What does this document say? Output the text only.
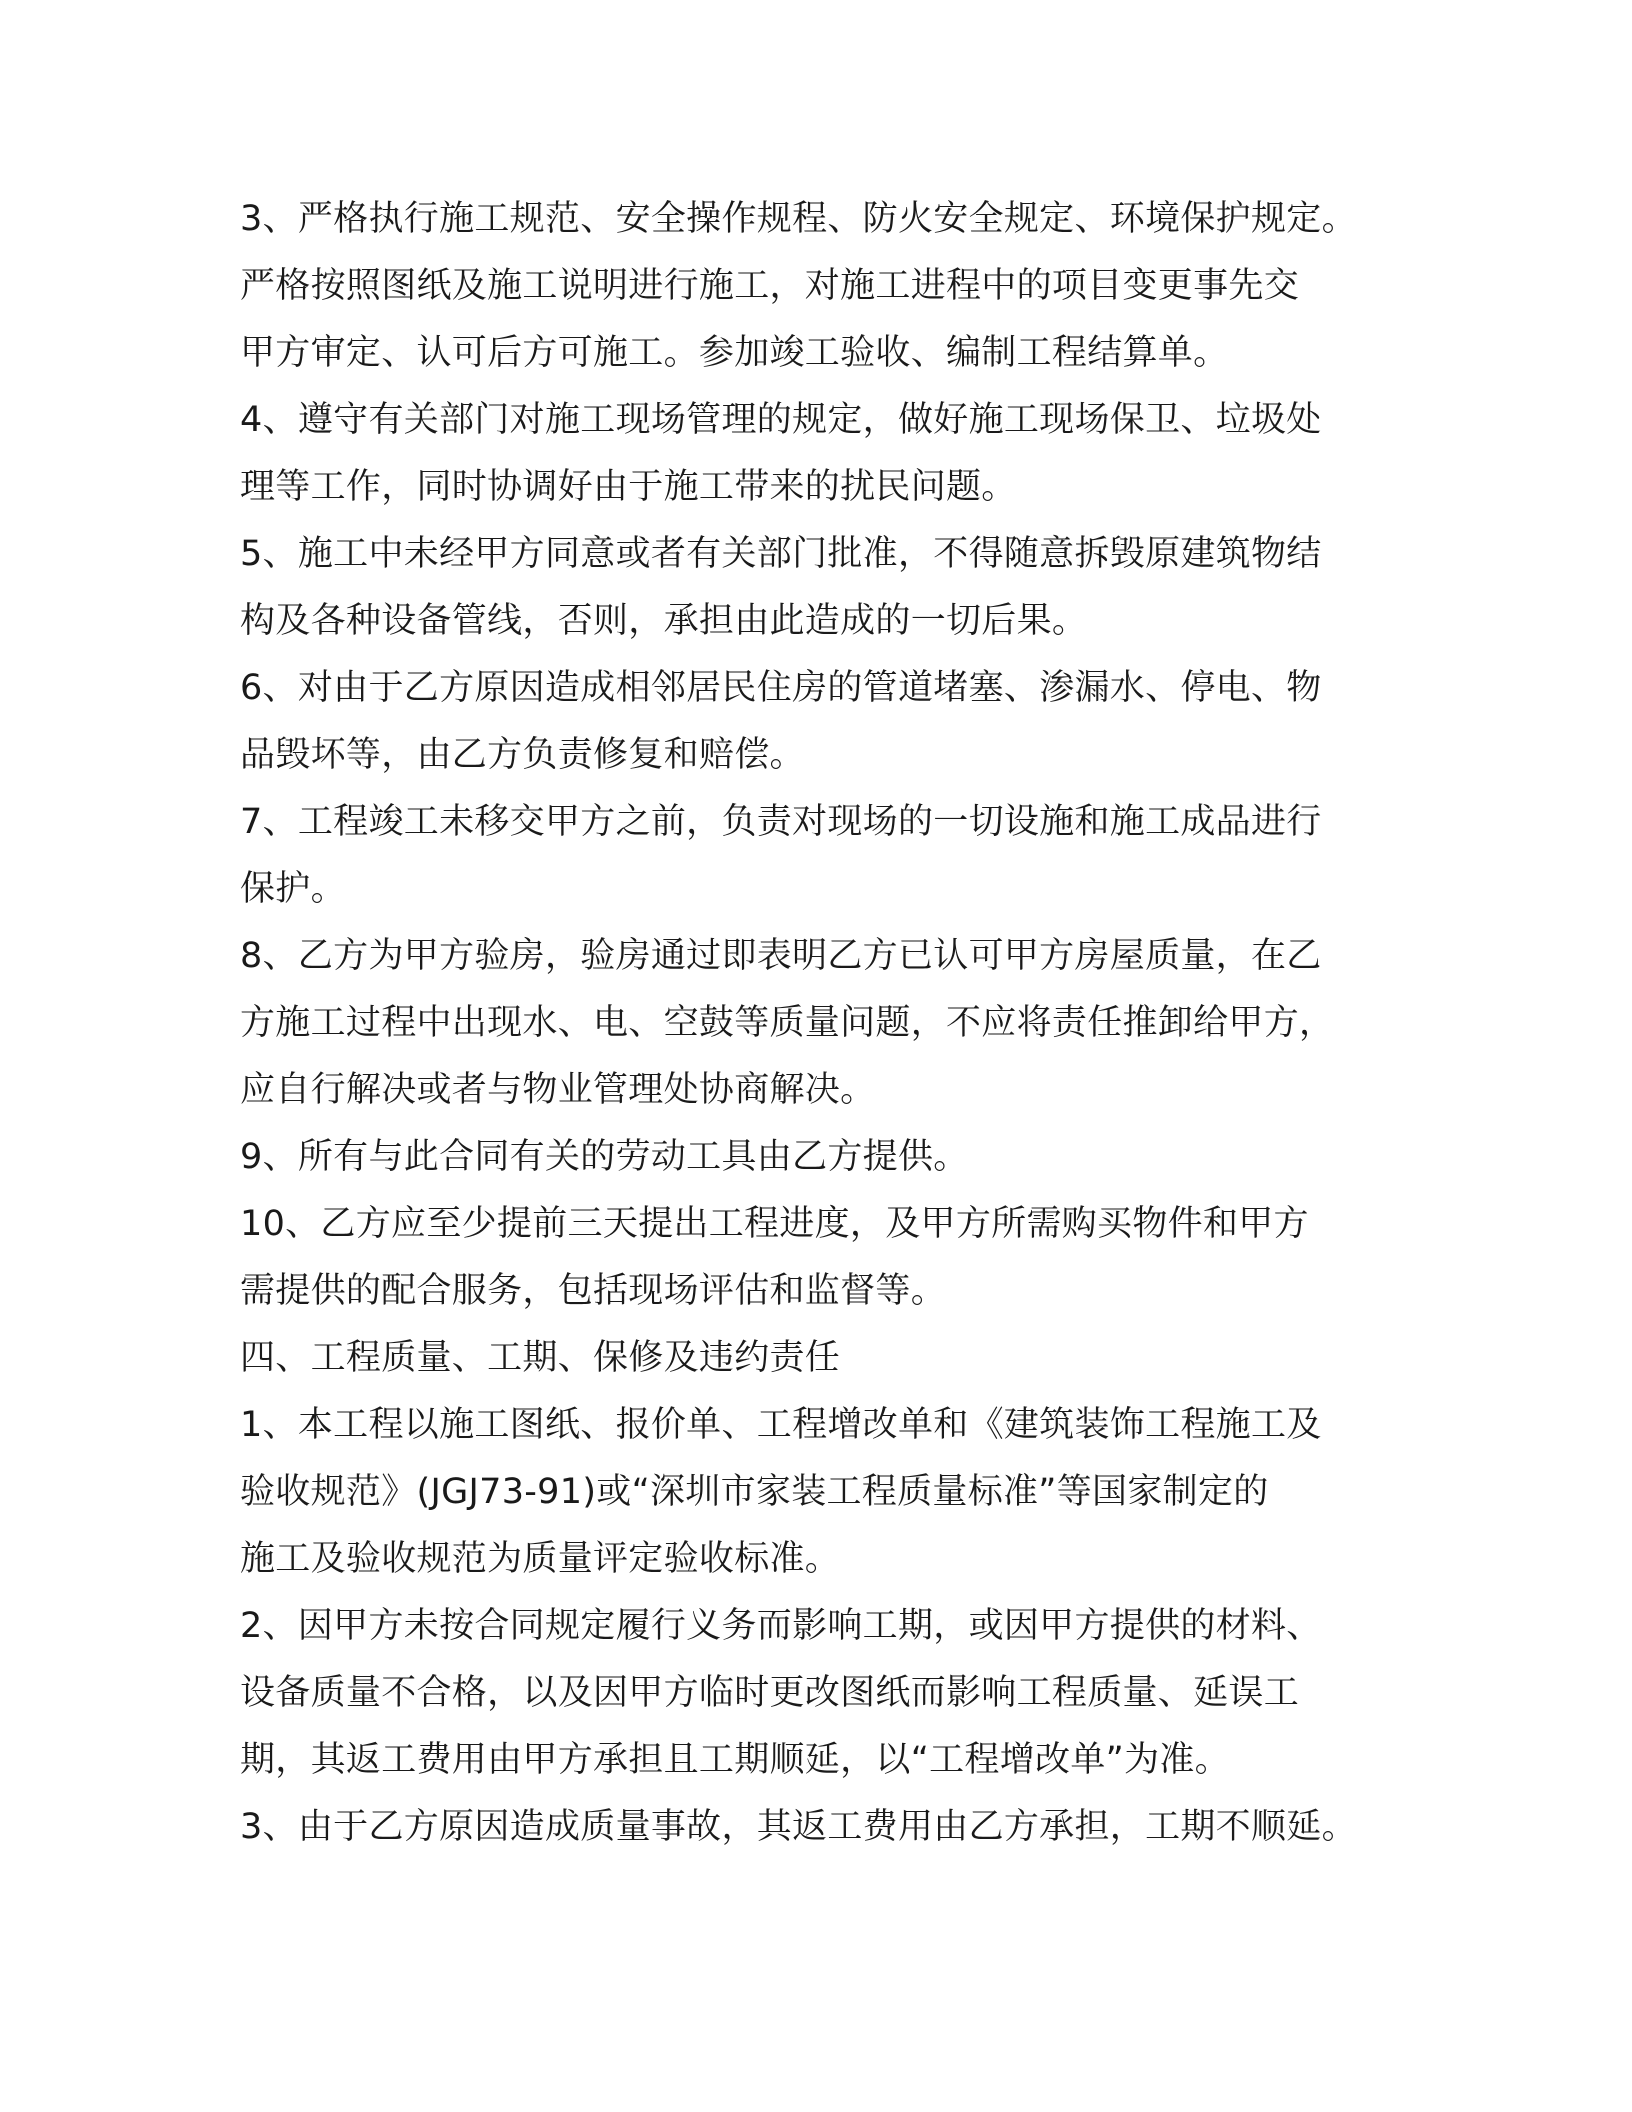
3、严格执行施工规范、安全操作规程、防火安全规定、环境保护规定。
严格按照图纸及施工说明进行施工，对施工进程中的项目变更事先交
甲方审定、认可后方可施工。参加竣工验收、编制工程结算单。
4、遵守有关部门对施工现场管理的规定，做好施工现场保卫、垃圾处
理等工作，同时协调好由于施工带来的扰民问题。
5、施工中未经甲方同意或者有关部门批准，不得随意拆毁原建筑物结
构及各种设备管线，否则，承担由此造成的一切后果。
6、对由于乙方原因造成相邻居民住房的管道堵塞、渗漏水、停电、物
品毁坏等，由乙方负责修复和赔偿。
7、工程竣工未移交甲方之前，负责对现场的一切设施和施工成品进行
保护。
8、乙方为甲方验房，验房通过即表明乙方已认可甲方房屋质量，在乙
方施工过程中出现水、电、空鼓等质量问题，不应将责任推卸给甲方，
应自行解决或者与物业管理处协商解决。
9、所有与此合同有关的劳动工具由乙方提供。
10、乙方应至少提前三天提出工程进度，及甲方所需购买物件和甲方
需提供的配合服务，包括现场评估和监督等。
四、工程质量、工期、保修及违约责任
1、本工程以施工图纸、报价单、工程增改单和《建筑装饰工程施工及
验收规范》(JGJ73-91)或“深圳市家装工程质量标准”等国家制定的
施工及验收规范为质量评定验收标准。
2、因甲方未按合同规定履行义务而影响工期，或因甲方提供的材料、
设备质量不合格，以及因甲方临时更改图纸而影响工程质量、延误工
期，其返工费用由甲方承担且工期顺延，以“工程增改单”为准。
3、由于乙方原因造成质量事故，其返工费用由乙方承担，工期不顺延。
